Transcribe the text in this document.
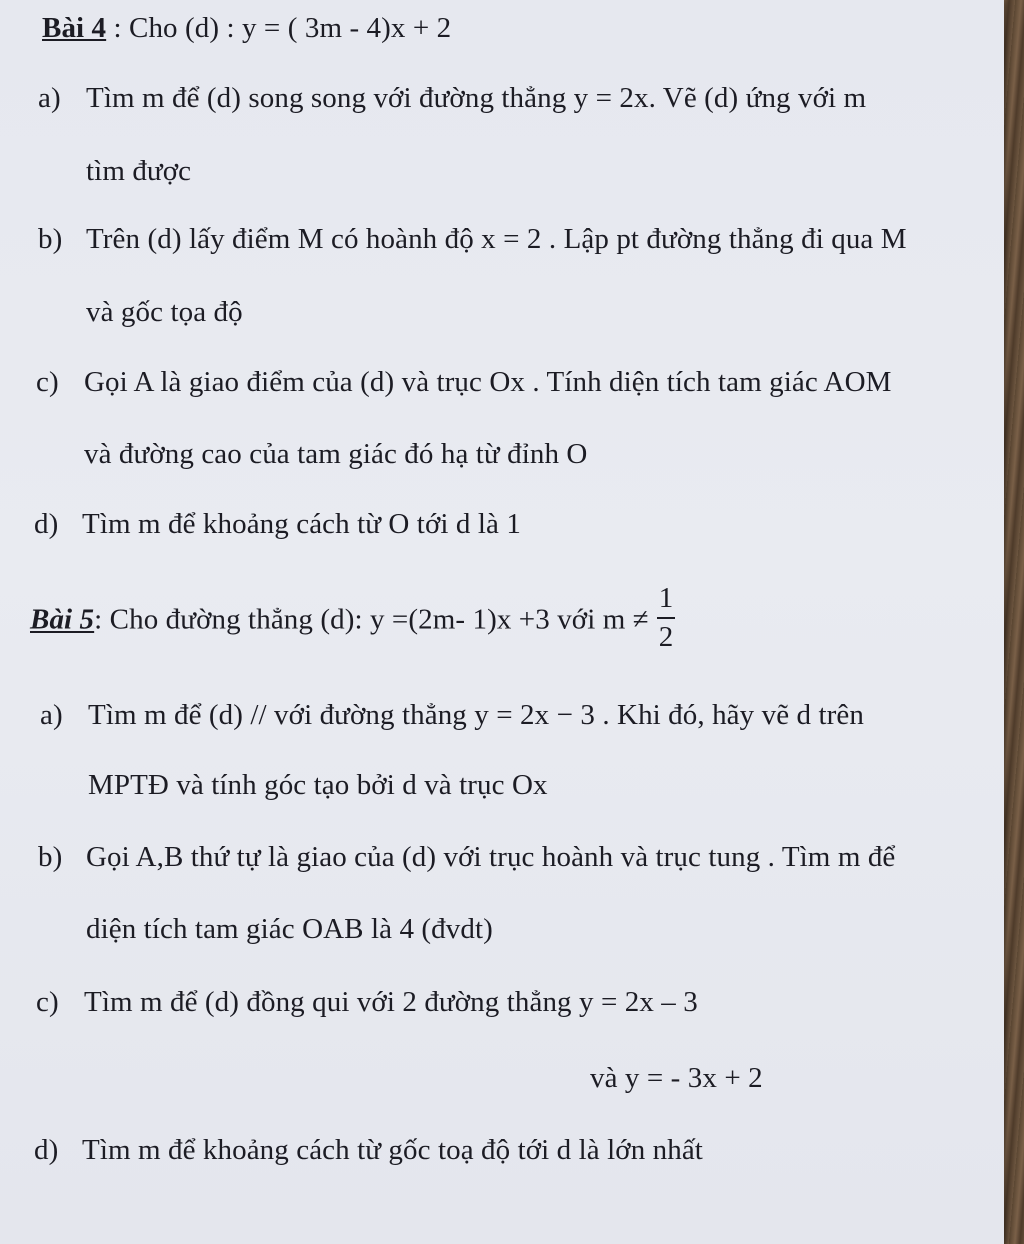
Bài 4 : Cho (d) : y = ( 3m - 4)x + 2
a) Tìm m để (d) song song với đường thẳng y = 2x. Vẽ (d) ứng với m
tìm được
b) Trên (d) lấy điểm M có hoành độ x = 2 . Lập pt đường thẳng đi qua M
và gốc tọa độ
c) Gọi A là giao điểm của (d) và trục Ox . Tính diện tích tam giác AOM
và đường cao của tam giác đó hạ từ đỉnh O
d) Tìm m để khoảng cách từ O tới d là 1
Bài 5: Cho đường thẳng (d): y =(2m- 1)x +3 với $m \ne \frac{1}{2}$
a) Tìm m để (d) // với đường thẳng y = 2x − 3 . Khi đó, hãy vẽ d trên
MPTĐ và tính góc tạo bởi d và trục Ox
b) Gọi A,B thứ tự là giao của (d) với trục hoành và trục tung . Tìm m để
diện tích tam giác OAB là 4 (đvdt)
c) Tìm m để (d) đồng qui với 2 đường thẳng y = 2x – 3
và y = - 3x + 2
d) Tìm m để khoảng cách từ gốc toạ độ tới d là lớn nhất
